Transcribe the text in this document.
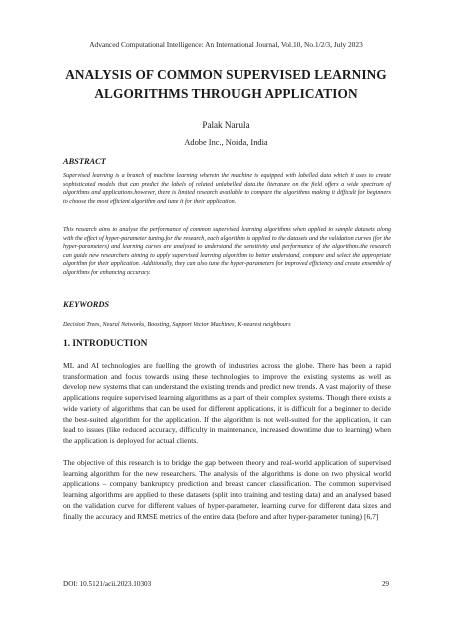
Advanced Computational Intelligence: An International Journal, Vol.10, No.1/2/3, July 2023
ANALYSIS OF COMMON SUPERVISED LEARNING
ALGORITHMS THROUGH APPLICATION
Palak Narula
Adobe Inc., Noida, India
ABSTRACT
Supervised learning is a branch of machine learning wherein the machine is equipped with labelled data which it uses to create sophisticated models that can predict the labels of related unlabelled data.the literature on the field offers a wide spectrum of algorithms and applications.however, there is limited research available to compare the algorithms making it difficult for beginners to choose the most efficient algorithm and tune it for their application.
This research aims to analyse the performance of common supervised learning algorithms when applied to sample datasets along with the effect of hyper-parameter tuning.for the research, each algorithm is applied to the datasets and the validation curves (for the hyper-parameters) and learning curves are analysed to understand the sensitivity and performance of the algorithms.the research can guide new researchers aiming to apply supervised learning algorithm to better understand, compare and select the appropriate algorithm for their application. Additionally, they can also tune the hyper-parameters for improved efficiency and create ensemble of algorithms for enhancing accuracy.
KEYWORDS
Decision Trees, Neural Networks, Boosting, Support Vector Machines, K-nearest neighbours
1. INTRODUCTION
ML and AI technologies are fuelling the growth of industries across the globe. There has been a rapid transformation and focus towards using these technologies to improve the existing systems as well as develop new systems that can understand the existing trends and predict new trends. A vast majority of these applications require supervised learning algorithms as a part of their complex systems. Though there exists a wide variety of algorithms that can be used for different applications, it is difficult for a beginner to decide the best-suited algorithm for the application. If the algorithm is not well-suited for the application, it can lead to issues (like reduced accuracy, difficulty in maintenance, increased downtime due to learning) when the application is deployed for actual clients.
The objective of this research is to bridge the gap between theory and real-world application of supervised learning algorithm for the new researchers. The analysis of the algorithms is done on two physical world applications – company bankruptcy prediction and breast cancer classification. The common supervised learning algorithms are applied to these datasets (split into training and testing data) and an analysed based on the validation curve for different values of hyper-parameter, learning curve for different data sizes and finally the accuracy and RMSE metrics of the entire data (before and after hyper-parameter tuning) [6,7]
DOI: 10.5121/acii.2023.10303	29
